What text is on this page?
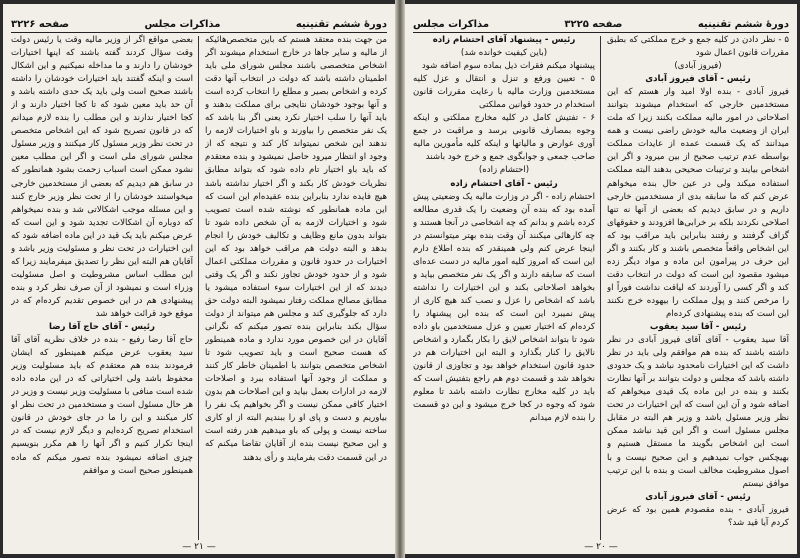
دورهٔ ششم تقنینیه
مذاکرات مجلس
صفحه ۳۲۲۶

من جهت بنده معتقد هستم که باین متخصص‌هائیکه از مالیه و سایر جاها در خارج استخدام میشوند اگر اشخاص متخصصی باشند مجلس شورای ملی باید اطمینان داشته باشد که دولت در انتخاب آنها دقت کرده و اشخاص بصیر و مطلع را انتخاب کرده است و آنها بوجود خودشان نتایجی برای مملکت بدهند و باید آنها را سلب اختیار نکرد یعنی اگر بنا باشد که یک نفر متخصص را بیاورند و باو اختیارات لازمه را ندهند این شخص نمیتواند کار کند و نتیجه که از وجود او انتظار میرود حاصل نمیشود و بنده معتقدم که باید باو اختیار تام داده شود که بتواند مطابق نظریات خودش کار بکند و اگر اختیار نداشته باشد هیچ فایده ندارد بنابراین بنده عقیده‌ام این است که این ماده همانطور که نوشته شده است تصویب شود و اختیارات لازمه به آن شخص داده شود تا بتواند بدون مانع وظایف و تکالیف خودش را انجام بدهد و البته دولت هم مراقب خواهد بود که این اختیارات در حدود قانون و مقررات مملکتی اعمال شود و از حدود خودش تجاوز نکند و اگر یک وقتی دیدند که از این اختیارات سوء استفاده میشود یا مطابق مصالح مملکت رفتار نمیشود البته دولت حق دارد که جلوگیری کند و مجلس هم میتواند از دولت سؤال بکند بنابراین بنده تصور میکنم که نگرانی آقایان در این خصوص مورد ندارد و ماده همینطور که هست صحیح است و باید تصویب شود تا اشخاص متخصص بتوانند با اطمینان خاطر کار کنند و مملکت از وجود آنها استفاده ببرد و اصلاحات لازمه در ادارات بعمل بیاید و این اصلاحات هم بدون اختیار کافی ممکن نیست و اگر بخواهیم یک نفر را بیاوریم و دست و پای او را ببندیم البته از او کاری ساخته نیست و پولی که باو میدهیم هدر رفته است و این صحیح نیست بنده از آقایان تقاضا میکنم که در این قسمت دقت بفرمایند و رأی بدهند

بعضی مواقع اگر از وزیر مالیه وقت یا رئیس دولت وقت سؤال کردند گفته باشند که اینها اختیارات خودشان را دارند و ما مداخله نمیکنیم و این اشکال است و اینکه گفتند باید اختیارات خودشان را داشته باشند صحیح است ولی باید یک حدی داشته باشد و آن حد باید معین شود که تا کجا اختیار دارند و از کجا اختیار ندارند و این مطلب را بنده لازم میدانم که در قانون تصریح شود که این اشخاص متخصص در تحت نظر وزیر مسئول کار میکنند و وزیر مسئول مجلس شورای ملی است و اگر این مطلب معین نشود ممکن است اسباب زحمت بشود همانطور که در سابق هم دیدیم که بعضی از مستخدمین خارجی میخواستند خودشان را از تحت نظر وزیر خارج کنند و این مسئله موجب اشکالاتی شد و بنده نمیخواهم که دوباره آن اشکالات تجدید شود و این است که عرض میکنم باید یک قید در این ماده اضافه شود که این اختیارات در تحت نظر و مسئولیت وزیر باشد و آقایان هم البته این نظر را تصدیق میفرمایند زیرا که این مطلب اساس مشروطیت و اصل مسئولیت وزراء است و نمیشود از آن صرف نظر کرد و بنده پیشنهادی هم در این خصوص تقدیم کرده‌ام که در موقع خود قرائت خواهد شد

رئیس - آقای حاج آقا رضا

حاج آقا رضا رفیع - بنده در خلاف نظریه آقای آقا سید یعقوب عرض میکنم همینطور که ایشان فرمودند بنده هم معتقدم که باید مسئولیت وزیر محفوظ باشد ولی اختیاراتی که در این ماده داده شده است منافی با مسئولیت وزیر نیست و وزیر در هر حال مسئول است و مستخدمین در تحت نظر او کار میکنند و این را ما در جای خودش در قانون استخدام تصریح کرده‌ایم و دیگر لازم نیست که در اینجا تکرار کنیم و اگر آنها را هم مکرر بنویسیم چیزی اضافه نمیشود بنده تصور میکنم که ماده همینطور صحیح است و موافقم

— ۲۱ —
دورهٔ ششم تقنینیه
صفحه ۳۲۲۵
مذاکرات مجلس

۵ - نظر دادن در کلیه جمع و خرج مملکتی که بطبق مقررات قانون اعمال شود

(فیروز آبادی)

رئیس - آقای فیروز آبادی

فیروز آبادی - بنده اولا امید وار هستم که این مستخدمین خارجی که استخدام میشوند بتوانند اصلاحاتی در امور مالیه مملکت بکنند زیرا که ملت ایران از وضعیت مالیه خودش راضی نیست و همه میدانند که یک قسمت عمده از عایدات مملکت بواسطه عدم ترتیب صحیح از بین میرود و اگر این اشخاص بیایند و ترتیبات صحیحی بدهند البته مملکت استفاده میکند ولی در عین حال بنده میخواهم عرض کنم که ما سابقه بدی از مستخدمین خارجی داریم و در سابق دیدیم که بعضی از آنها نه تنها اصلاحی نکردند بلکه بر خرابی‌ها افزودند و حقوقهای گزاف گرفتند و رفتند بنابراین باید مراقب بود که این اشخاص واقعاً متخصص باشند و کار بکنند و اگر این حرف در پیرامون ابن ماده و مواد دیگر زده میشود مقصود این است که دولت در انتخاب دقت کند و اگر کسی را آوردند که لیاقت نداشت فوراً او را مرخص کنند و پول مملکت را بیهوده خرج نکنند این است که بنده پیشنهادی کرده‌ام

رئیس - آقا سید یعقوب

آقا سید یعقوب - آقای آقای فیروز آبادی در نظر داشته باشند که بنده هم موافقم ولی باید در نظر داشت که این اختیارات نامحدود نباشد و یک حدودی داشته باشد که مجلس و دولت بتوانند بر آنها نظارت بکنند و بنده در این ماده یک قیدی میخواهم که اضافه شود و آن این است که این اختیارات در تحت نظر وزیر مسئول باشد و وزیر هم البته در مقابل مجلس مسئول است و اگر این قید نباشد ممکن است این اشخاص بگویند ما مستقل هستیم و بهیچکس جواب نمیدهیم و این صحیح نیست و با اصول مشروطیت مخالف است و بنده با این ترتیب موافق نیستم

رئیس - آقای فیروز آبادی

فیروز آبادی - بنده مقصودم همین بود که عرض کردم آیا قید شد؟

رئیس - پیشنهاد آقای احتشام زاده

(باین کیفیت خوانده شد)

پیشنهاد میکنم فقرات ذیل بماده سوم اضافه شود

۵ - تعیین ورفع و تنزل و انتقال و عزل کلیه مستخدمین وزارت مالیه با رعایت مقررات قانون استخدام در حدود قوانین مملکتی

۶ - تفتیش کامل در کلیه مخارج مملکتی و اینکه وجوه بمصارف قانونی برسد و مراقبت در جمع آوری عوارض و مالیاتها و اینکه کلیه مأمورین مالیه صاحب جمعی و جوابگوی جمع و خرج خود باشند

(احتشام زاده)

رئیس - آقای احتشام زاده

احتشام زاده - اگر در وزارت مالیه یک وضعیتی پیش آمده بود که بنده آن وضعیت را یک قدری مطالعه کرده باشم و بدانم که چه اشخاصی در آنجا هستند و چه کارهائی میکنند آن وقت بنده بهتر میتوانستم در اینجا عرض کنم ولی همینقدر که بنده اطلاع دارم این است که امروز کلیه امور مالیه در دست عده‌ای است که سابقه دارند و اگر یک نفر متخصص بیاید و بخواهد اصلاحاتی بکند و این اختیارات را نداشته باشد که اشخاص را عزل و نصب کند هیچ کاری از پیش نمیبرد این است که بنده این پیشنهاد را کرده‌ام که اختیار تعیین و عزل مستخدمین باو داده شود تا بتواند اشخاص لایق را بکار بگمارد و اشخاص نالایق را کنار بگذارد و البته این اختیارات هم در حدود قانون استخدام خواهد بود و تجاوزی از قانون نخواهد شد و قسمت دوم هم راجع بتفتیش است که باید در کلیه مخارج نظارت داشته باشد تا معلوم شود که وجوه در کجا خرج میشود و این دو قسمت را بنده لازم میدانم

— ۲۰ —
